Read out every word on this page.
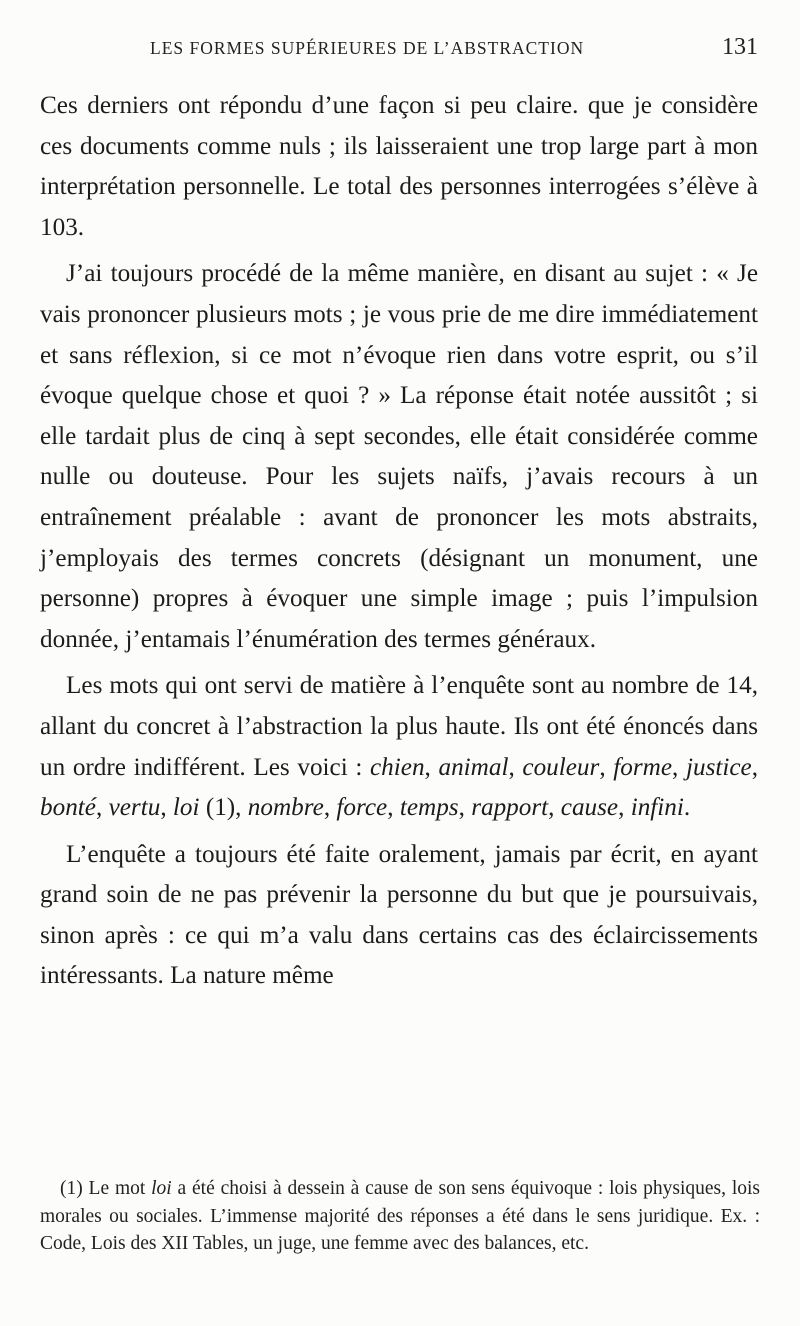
LES FORMES SUPÉRIEURES DE L’ABSTRACTION	131

Ces derniers ont répondu d’une façon si peu claire. que je considère ces documents comme nuls ; ils laisseraient une trop large part à mon interprétation personnelle. Le total des personnes interrogées s’élève à 103.

J’ai toujours procédé de la même manière, en disant au sujet : « Je vais prononcer plusieurs mots ; je vous prie de me dire immédiatement et sans réflexion, si ce mot n’évoque rien dans votre esprit, ou s’il évoque quelque chose et quoi ? » La réponse était notée aussitôt ; si elle tardait plus de cinq à sept secondes, elle était considérée comme nulle ou douteuse. Pour les sujets naïfs, j’avais recours à un entraînement préalable : avant de prononcer les mots abstraits, j’employais des termes concrets (désignant un monument, une personne) propres à évoquer une simple image ; puis l’impulsion donnée, j’entamais l’énumération des termes généraux.

Les mots qui ont servi de matière à l’enquête sont au nombre de 14, allant du concret à l’abstraction la plus haute. Ils ont été énoncés dans un ordre indifférent. Les voici : chien, animal, couleur, forme, justice, bonté, vertu, loi (1), nombre, force, temps, rapport, cause, infini.

L’enquête a toujours été faite oralement, jamais par écrit, en ayant grand soin de ne pas prévenir la personne du but que je poursuivais, sinon après : ce qui m’a valu dans certains cas des éclaircissements intéressants. La nature même

(1) Le mot loi a été choisi à dessein à cause de son sens équivoque : lois physiques, lois morales ou sociales. L’immense majorité des réponses a été dans le sens juridique. Ex. : Code, Lois des XII Tables, un juge, une femme avec des balances, etc.
